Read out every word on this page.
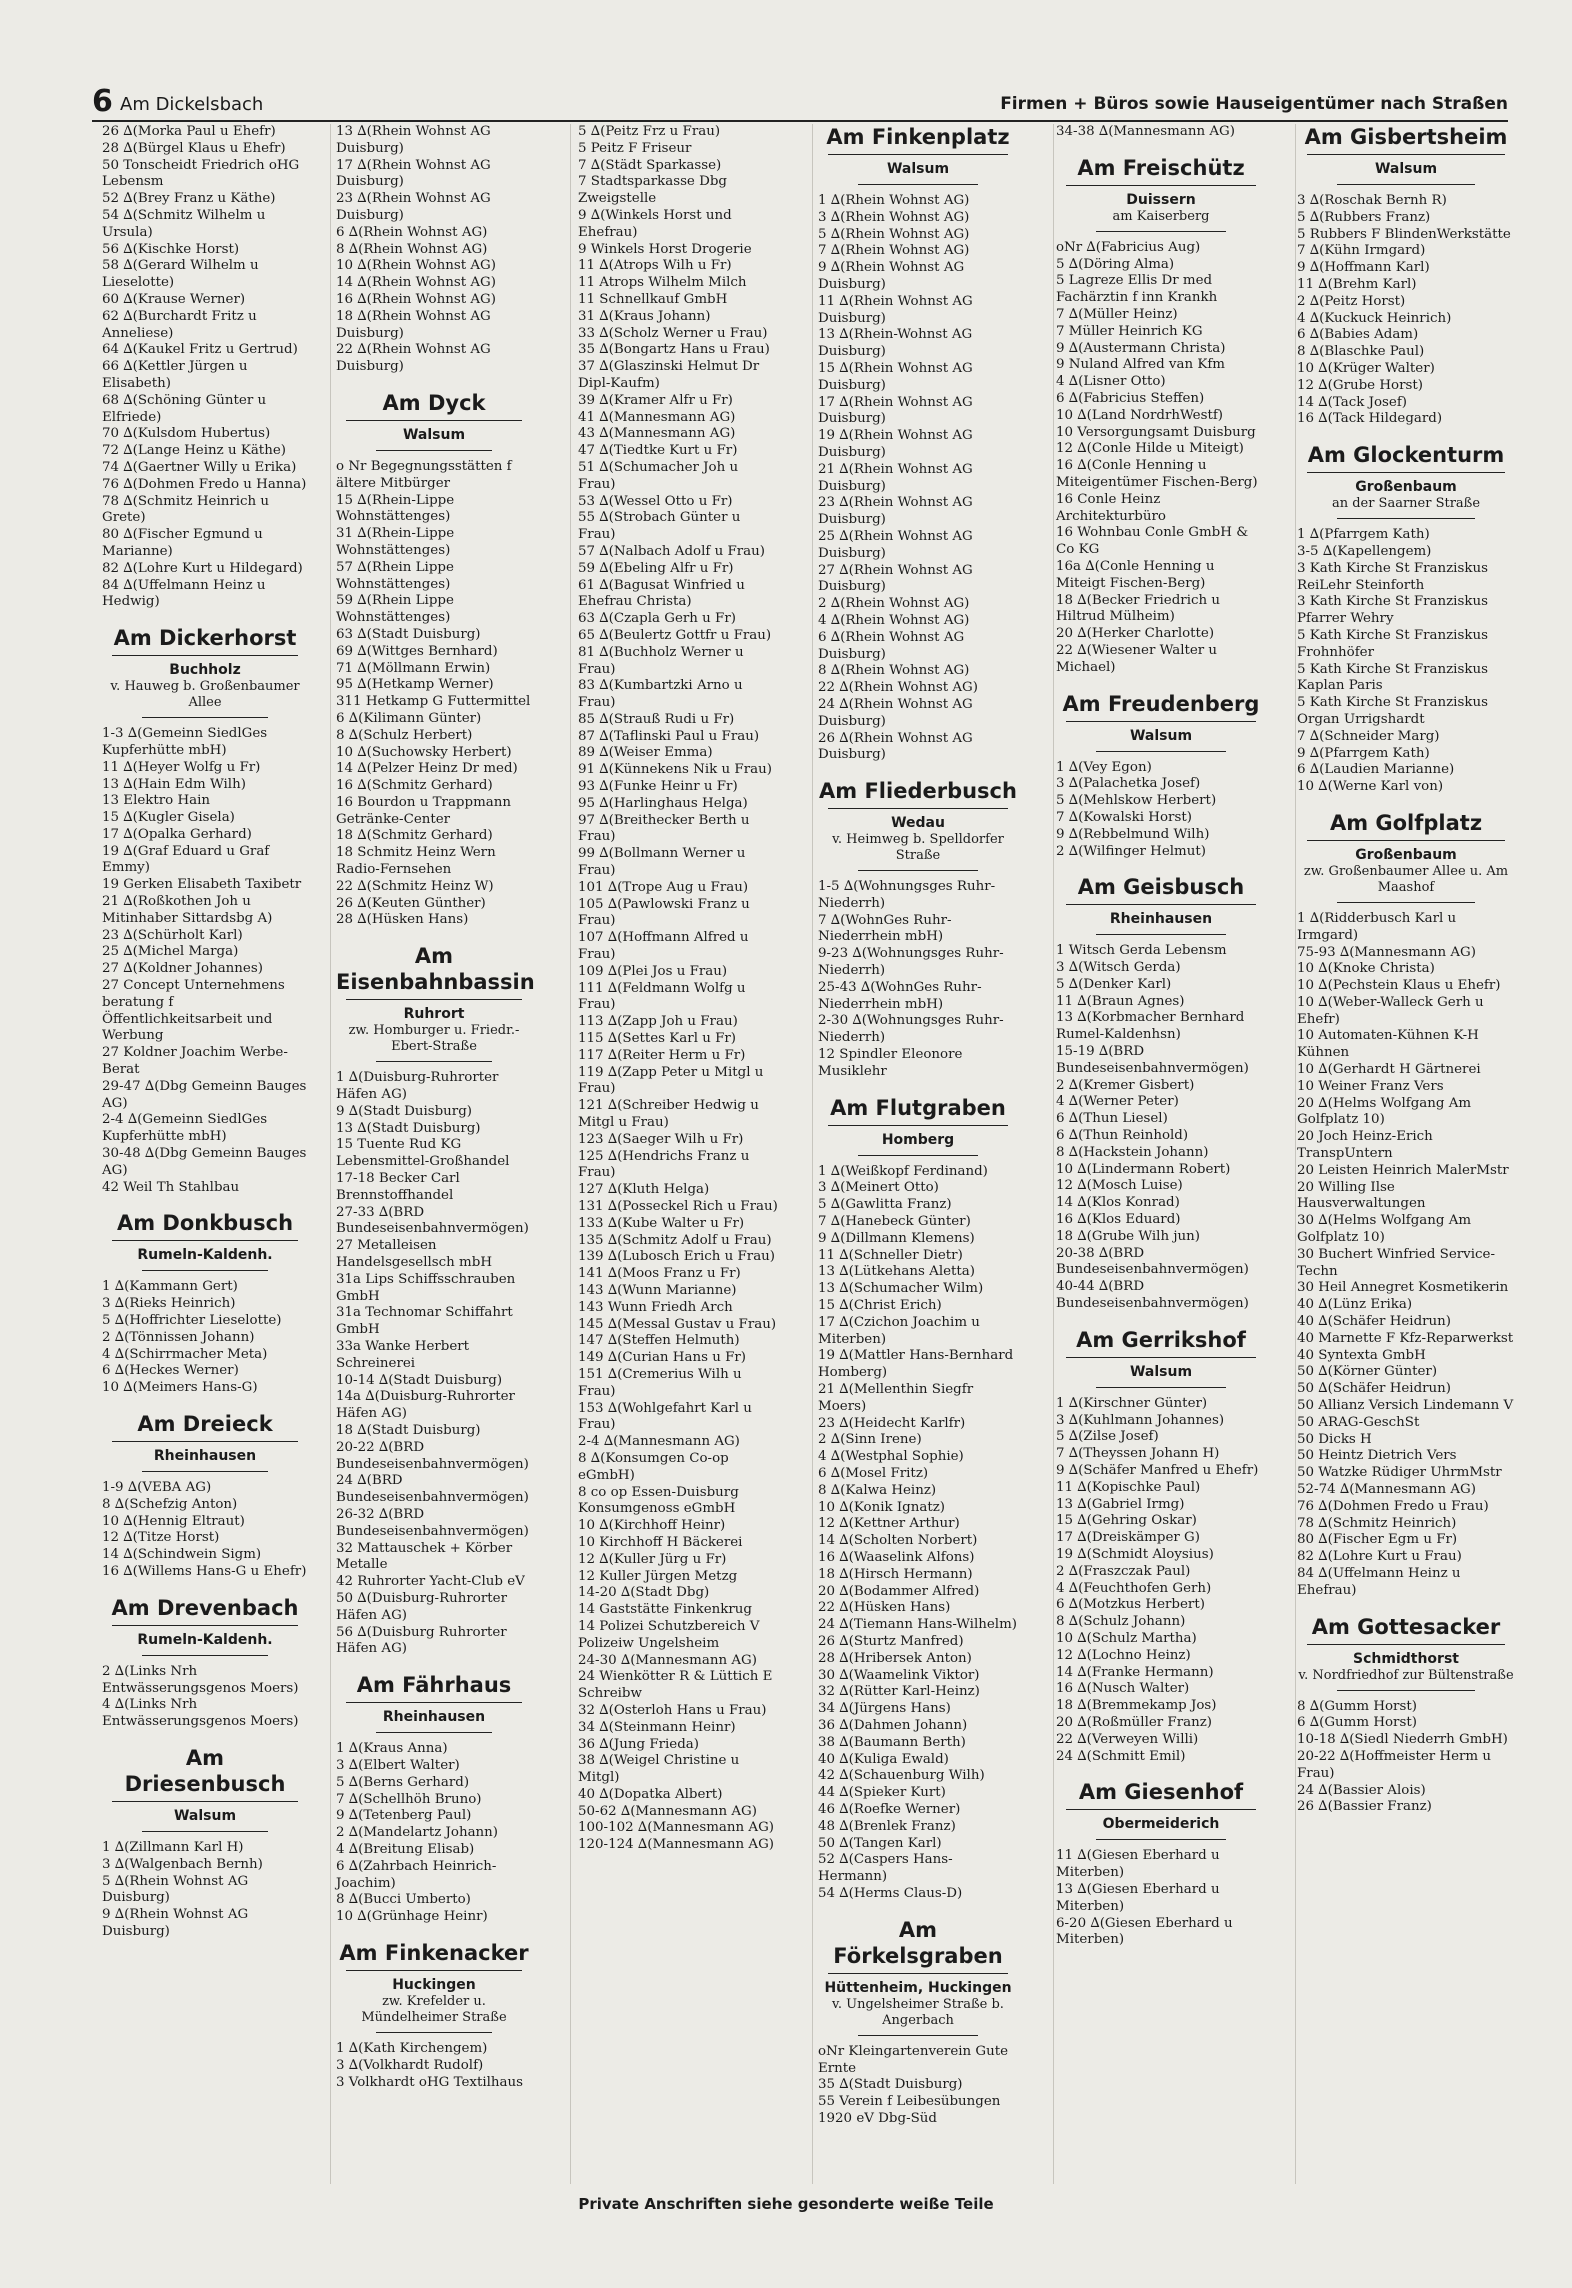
6 Am Dickelsbach	Firmen + Büros sowie Hauseigentümer nach Straßen
26 ∆(Morka Paul u Ehefr)
28 ∆(Bürgel Klaus u Ehefr)
50 Tonscheidt Friedrich oHG Lebensm
52 ∆(Brey Franz u Käthe)
54 ∆(Schmitz Wilhelm u Ursula)
56 ∆(Kischke Horst)
58 ∆(Gerard Wilhelm u Lieselotte)
60 ∆(Krause Werner)
62 ∆(Burchardt Fritz u Anneliese)
64 ∆(Kaukel Fritz u Gertrud)
66 ∆(Kettler Jürgen u Elisabeth)
68 ∆(Schöning Günter u Elfriede)
70 ∆(Kulsdom Hubertus)
72 ∆(Lange Heinz u Käthe)
74 ∆(Gaertner Willy u Erika)
76 ∆(Dohmen Fredo u Hanna)
78 ∆(Schmitz Heinrich u Grete)
80 ∆(Fischer Egmund u Marianne)
82 ∆(Lohre Kurt u Hildegard)
84 ∆(Uffelmann Heinz u Hedwig)
Am Dickerhorst
Buchholz
v. Hauweg b. Großenbaumer Allee
1-3 ∆(Gemeinn SiedlGes Kupferhütte mbH)
11 ∆(Heyer Wolfg u Fr)
13 ∆(Hain Edm Wilh)
13 Elektro Hain
15 ∆(Kugler Gisela)
17 ∆(Opalka Gerhard)
19 ∆(Graf Eduard u Graf Emmy)
19 Gerken Elisabeth Taxibetr
21 ∆(Roßkothen Joh u Mitinhaber Sittardsbg A)
23 ∆(Schürholt Karl)
25 ∆(Michel Marga)
27 ∆(Koldner Johannes)
27 Concept Unternehmens beratung f Öffentlichkeitsarbeit und Werbung
27 Koldner Joachim Werbe-Berat
29-47 ∆(Dbg Gemeinn Bauges AG)
2-4 ∆(Gemeinn SiedlGes Kupferhütte mbH)
30-48 ∆(Dbg Gemeinn Bauges AG)
42 Weil Th Stahlbau
Am Donkbusch
Rumeln-Kaldenh.
1 ∆(Kammann Gert)
3 ∆(Rieks Heinrich)
5 ∆(Hoffrichter Lieselotte)
2 ∆(Tönnissen Johann)
4 ∆(Schirrmacher Meta)
6 ∆(Heckes Werner)
10 ∆(Meimers Hans-G)
Am Dreieck
Rheinhausen
1-9 ∆(VEBA AG)
8 ∆(Schefzig Anton)
10 ∆(Hennig Eltraut)
12 ∆(Titze Horst)
14 ∆(Schindwein Sigm)
16 ∆(Willems Hans-G u Ehefr)
Am Drevenbach
Rumeln-Kaldenh.
2 ∆(Links Nrh Entwässerungsgenos Moers)
4 ∆(Links Nrh Entwässerungsgenos Moers)
Am Driesenbusch
Walsum
1 ∆(Zillmann Karl H)
3 ∆(Walgenbach Bernh)
5 ∆(Rhein Wohnst AG Duisburg)
9 ∆(Rhein Wohnst AG Duisburg)
13 ∆(Rhein Wohnst AG Duisburg)
17 ∆(Rhein Wohnst AG Duisburg)
23 ∆(Rhein Wohnst AG Duisburg)
6 ∆(Rhein Wohnst AG)
8 ∆(Rhein Wohnst AG)
10 ∆(Rhein Wohnst AG)
14 ∆(Rhein Wohnst AG)
16 ∆(Rhein Wohnst AG)
18 ∆(Rhein Wohnst AG Duisburg)
22 ∆(Rhein Wohnst AG Duisburg)
Am Dyck
Walsum
o Nr Begegnungsstätten f ältere Mitbürger
15 ∆(Rhein-Lippe Wohnstättenges)
31 ∆(Rhein-Lippe Wohnstättenges)
57 ∆(Rhein Lippe Wohnstättenges)
59 ∆(Rhein Lippe Wohnstättenges)
63 ∆(Stadt Duisburg)
69 ∆(Wittges Bernhard)
71 ∆(Möllmann Erwin)
95 ∆(Hetkamp Werner)
311 Hetkamp G Futtermittel
6 ∆(Kilimann Günter)
8 ∆(Schulz Herbert)
10 ∆(Suchowsky Herbert)
14 ∆(Pelzer Heinz Dr med)
16 ∆(Schmitz Gerhard)
16 Bourdon u Trappmann Getränke-Center
18 ∆(Schmitz Gerhard)
18 Schmitz Heinz Wern Radio-Fernsehen
22 ∆(Schmitz Heinz W)
26 ∆(Keuten Günther)
28 ∆(Hüsken Hans)
Am Eisenbahnbassin
Ruhrort
zw. Homburger u. Friedr.-Ebert-Straße
1 ∆(Duisburg-Ruhrorter Häfen AG)
9 ∆(Stadt Duisburg)
13 ∆(Stadt Duisburg)
15 Tuente Rud KG Lebensmittel-Großhandel
17-18 Becker Carl Brennstoffhandel
27-33 ∆(BRD Bundeseisenbahnvermögen)
27 Metalleisen Handelsgesellsch mbH
31a Lips Schiffsschrauben GmbH
31a Technomar Schiffahrt GmbH
33a Wanke Herbert Schreinerei
10-14 ∆(Stadt Duisburg)
14a ∆(Duisburg-Ruhrorter Häfen AG)
18 ∆(Stadt Duisburg)
20-22 ∆(BRD Bundeseisenbahnvermögen)
24 ∆(BRD Bundeseisenbahnvermögen)
26-32 ∆(BRD Bundeseisenbahnvermögen)
32 Mattauschek + Körber Metalle
42 Ruhrorter Yacht-Club eV
50 ∆(Duisburg-Ruhrorter Häfen AG)
56 ∆(Duisburg Ruhrorter Häfen AG)
Am Fährhaus
Rheinhausen
1 ∆(Kraus Anna)
3 ∆(Elbert Walter)
5 ∆(Berns Gerhard)
7 ∆(Schellhöh Bruno)
9 ∆(Tetenberg Paul)
2 ∆(Mandelartz Johann)
4 ∆(Breitung Elisab)
6 ∆(Zahrbach Heinrich-Joachim)
8 ∆(Bucci Umberto)
10 ∆(Grünhage Heinr)
Am Finkenacker
Huckingen
zw. Krefelder u. Mündelheimer Straße
1 ∆(Kath Kirchengem)
3 ∆(Volkhardt Rudolf)
3 Volkhardt oHG Textilhaus
5 ∆(Peitz Frz u Frau)
5 Peitz F Friseur
7 ∆(Städt Sparkasse)
7 Stadtsparkasse Dbg Zweigstelle
9 ∆(Winkels Horst und Ehefrau)
9 Winkels Horst Drogerie
11 ∆(Atrops Wilh u Fr)
11 Atrops Wilhelm Milch
11 Schnellkauf GmbH
31 ∆(Kraus Johann)
33 ∆(Scholz Werner u Frau)
35 ∆(Bongartz Hans u Frau)
37 ∆(Glaszinski Helmut Dr Dipl-Kaufm)
39 ∆(Kramer Alfr u Fr)
41 ∆(Mannesmann AG)
43 ∆(Mannesmann AG)
47 ∆(Tiedtke Kurt u Fr)
51 ∆(Schumacher Joh u Frau)
53 ∆(Wessel Otto u Fr)
55 ∆(Strobach Günter u Frau)
57 ∆(Nalbach Adolf u Frau)
59 ∆(Ebeling Alfr u Fr)
61 ∆(Bagusat Winfried u Ehefrau Christa)
63 ∆(Czapla Gerh u Fr)
65 ∆(Beulertz Gottfr u Frau)
81 ∆(Buchholz Werner u Frau)
83 ∆(Kumbartzki Arno u Frau)
85 ∆(Strauß Rudi u Fr)
87 ∆(Taflinski Paul u Frau)
89 ∆(Weiser Emma)
91 ∆(Künnekens Nik u Frau)
93 ∆(Funke Heinr u Fr)
95 ∆(Harlinghaus Helga)
97 ∆(Breithecker Berth u Frau)
99 ∆(Bollmann Werner u Frau)
101 ∆(Trope Aug u Frau)
105 ∆(Pawlowski Franz u Frau)
107 ∆(Hoffmann Alfred u Frau)
109 ∆(Plei Jos u Frau)
111 ∆(Feldmann Wolfg u Frau)
113 ∆(Zapp Joh u Frau)
115 ∆(Settes Karl u Fr)
117 ∆(Reiter Herm u Fr)
119 ∆(Zapp Peter u Mitgl u Frau)
121 ∆(Schreiber Hedwig u Mitgl u Frau)
123 ∆(Saeger Wilh u Fr)
125 ∆(Hendrichs Franz u Frau)
127 ∆(Kluth Helga)
131 ∆(Posseckel Rich u Frau)
133 ∆(Kube Walter u Fr)
135 ∆(Schmitz Adolf u Frau)
139 ∆(Lubosch Erich u Frau)
141 ∆(Moos Franz u Fr)
143 ∆(Wunn Marianne)
143 Wunn Friedh Arch
145 ∆(Messal Gustav u Frau)
147 ∆(Steffen Helmuth)
149 ∆(Curian Hans u Fr)
151 ∆(Cremerius Wilh u Frau)
153 ∆(Wohlgefahrt Karl u Frau)
2-4 ∆(Mannesmann AG)
8 ∆(Konsumgen Co-op eGmbH)
8 co op Essen-Duisburg Konsumgenoss eGmbH
10 ∆(Kirchhoff Heinr)
10 Kirchhoff H Bäckerei
12 ∆(Kuller Jürg u Fr)
12 Kuller Jürgen Metzg
14-20 ∆(Stadt Dbg)
14 Gaststätte Finkenkrug
14 Polizei Schutzbereich V Polizeiw Ungelsheim
24-30 ∆(Mannesmann AG)
24 Wienkötter R & Lüttich E Schreibw
32 ∆(Osterloh Hans u Frau)
34 ∆(Steinmann Heinr)
36 ∆(Jung Frieda)
38 ∆(Weigel Christine u Mitgl)
40 ∆(Dopatka Albert)
50-62 ∆(Mannesmann AG)
100-102 ∆(Mannesmann AG)
120-124 ∆(Mannesmann AG)
Am Finkenplatz
Walsum
1 ∆(Rhein Wohnst AG)
3 ∆(Rhein Wohnst AG)
5 ∆(Rhein Wohnst AG)
7 ∆(Rhein Wohnst AG)
9 ∆(Rhein Wohnst AG Duisburg)
11 ∆(Rhein Wohnst AG Duisburg)
13 ∆(Rhein-Wohnst AG Duisburg)
15 ∆(Rhein Wohnst AG Duisburg)
17 ∆(Rhein Wohnst AG Duisburg)
19 ∆(Rhein Wohnst AG Duisburg)
21 ∆(Rhein Wohnst AG Duisburg)
23 ∆(Rhein Wohnst AG Duisburg)
25 ∆(Rhein Wohnst AG Duisburg)
27 ∆(Rhein Wohnst AG Duisburg)
2 ∆(Rhein Wohnst AG)
4 ∆(Rhein Wohnst AG)
6 ∆(Rhein Wohnst AG Duisburg)
8 ∆(Rhein Wohnst AG)
22 ∆(Rhein Wohnst AG)
24 ∆(Rhein Wohnst AG Duisburg)
26 ∆(Rhein Wohnst AG Duisburg)
Am Fliederbusch
Wedau
v. Heimweg b. Spelldorfer Straße
1-5 ∆(Wohnungsges Ruhr-Niederrh)
7 ∆(WohnGes Ruhr-Niederrhein mbH)
9-23 ∆(Wohnungsges Ruhr-Niederrh)
25-43 ∆(WohnGes Ruhr-Niederrhein mbH)
2-30 ∆(Wohnungsges Ruhr-Niederrh)
12 Spindler Eleonore Musiklehr
Am Flutgraben
Homberg
1 ∆(Weißkopf Ferdinand)
3 ∆(Meinert Otto)
5 ∆(Gawlitta Franz)
7 ∆(Hanebeck Günter)
9 ∆(Dillmann Klemens)
11 ∆(Schneller Dietr)
13 ∆(Lütkehans Aletta)
13 ∆(Schumacher Wilm)
15 ∆(Christ Erich)
17 ∆(Czichon Joachim u Miterben)
19 ∆(Mattler Hans-Bernhard Homberg)
21 ∆(Mellenthin Siegfr Moers)
23 ∆(Heidecht Karlfr)
2 ∆(Sinn Irene)
4 ∆(Westphal Sophie)
6 ∆(Mosel Fritz)
8 ∆(Kalwa Heinz)
10 ∆(Konik Ignatz)
12 ∆(Kettner Arthur)
14 ∆(Scholten Norbert)
16 ∆(Waaselink Alfons)
18 ∆(Hirsch Hermann)
20 ∆(Bodammer Alfred)
22 ∆(Hüsken Hans)
24 ∆(Tiemann Hans-Wilhelm)
26 ∆(Sturtz Manfred)
28 ∆(Hribersek Anton)
30 ∆(Waamelink Viktor)
32 ∆(Rütter Karl-Heinz)
34 ∆(Jürgens Hans)
36 ∆(Dahmen Johann)
38 ∆(Baumann Berth)
40 ∆(Kuliga Ewald)
42 ∆(Schauenburg Wilh)
44 ∆(Spieker Kurt)
46 ∆(Roefke Werner)
48 ∆(Brenlek Franz)
50 ∆(Tangen Karl)
52 ∆(Caspers Hans-Hermann)
54 ∆(Herms Claus-D)
Am Förkelsgraben
Hüttenheim, Huckingen
v. Ungelsheimer Straße b. Angerbach
oNr Kleingartenverein Gute Ernte
35 ∆(Stadt Duisburg)
55 Verein f Leibesübungen 1920 eV Dbg-Süd
34-38 ∆(Mannesmann AG)
Am Freischütz
Duissern
am Kaiserberg
oNr ∆(Fabricius Aug)
5 ∆(Döring Alma)
5 Lagreze Ellis Dr med Fachärztin f inn Krankh
7 ∆(Müller Heinz)
7 Müller Heinrich KG
9 ∆(Austermann Christa)
9 Nuland Alfred van Kfm
4 ∆(Lisner Otto)
6 ∆(Fabricius Steffen)
10 ∆(Land NordrhWestf)
10 Versorgungsamt Duisburg
12 ∆(Conle Hilde u Miteigt)
16 ∆(Conle Henning u Miteigentümer Fischen-Berg)
16 Conle Heinz Architekturbüro
16 Wohnbau Conle GmbH & Co KG
16a ∆(Conle Henning u Miteigt Fischen-Berg)
18 ∆(Becker Friedrich u Hiltrud Mülheim)
20 ∆(Herker Charlotte)
22 ∆(Wiesener Walter u Michael)
Am Freudenberg
Walsum
1 ∆(Vey Egon)
3 ∆(Palachetka Josef)
5 ∆(Mehlskow Herbert)
7 ∆(Kowalski Horst)
9 ∆(Rebbelmund Wilh)
2 ∆(Wilfinger Helmut)
Am Geisbusch
Rheinhausen
1 Witsch Gerda Lebensm
3 ∆(Witsch Gerda)
5 ∆(Denker Karl)
11 ∆(Braun Agnes)
13 ∆(Korbmacher Bernhard Rumel-Kaldenhsn)
15-19 ∆(BRD Bundeseisenbahnvermögen)
2 ∆(Kremer Gisbert)
4 ∆(Werner Peter)
6 ∆(Thun Liesel)
6 ∆(Thun Reinhold)
8 ∆(Hackstein Johann)
10 ∆(Lindermann Robert)
12 ∆(Mosch Luise)
14 ∆(Klos Konrad)
16 ∆(Klos Eduard)
18 ∆(Grube Wilh jun)
20-38 ∆(BRD Bundeseisenbahnvermögen)
40-44 ∆(BRD Bundeseisenbahnvermögen)
Am Gerrikshof
Walsum
1 ∆(Kirschner Günter)
3 ∆(Kuhlmann Johannes)
5 ∆(Zilse Josef)
7 ∆(Theyssen Johann H)
9 ∆(Schäfer Manfred u Ehefr)
11 ∆(Kopischke Paul)
13 ∆(Gabriel Irmg)
15 ∆(Gehring Oskar)
17 ∆(Dreiskämper G)
19 ∆(Schmidt Aloysius)
2 ∆(Fraszczak Paul)
4 ∆(Feuchthofen Gerh)
6 ∆(Motzkus Herbert)
8 ∆(Schulz Johann)
10 ∆(Schulz Martha)
12 ∆(Lochno Heinz)
14 ∆(Franke Hermann)
16 ∆(Nusch Walter)
18 ∆(Bremmekamp Jos)
20 ∆(Roßmüller Franz)
22 ∆(Verweyen Willi)
24 ∆(Schmitt Emil)
Am Giesenhof
Obermeiderich
11 ∆(Giesen Eberhard u Miterben)
13 ∆(Giesen Eberhard u Miterben)
6-20 ∆(Giesen Eberhard u Miterben)
Am Gisbertsheim
Walsum
3 ∆(Roschak Bernh R)
5 ∆(Rubbers Franz)
5 Rubbers F BlindenWerkstätte
7 ∆(Kühn Irmgard)
9 ∆(Hoffmann Karl)
11 ∆(Brehm Karl)
2 ∆(Peitz Horst)
4 ∆(Kuckuck Heinrich)
6 ∆(Babies Adam)
8 ∆(Blaschke Paul)
10 ∆(Krüger Walter)
12 ∆(Grube Horst)
14 ∆(Tack Josef)
16 ∆(Tack Hildegard)
Am Glockenturm
Großenbaum
an der Saarner Straße
1 ∆(Pfarrgem Kath)
3-5 ∆(Kapellengem)
3 Kath Kirche St Franziskus ReiLehr Steinforth
3 Kath Kirche St Franziskus Pfarrer Wehry
5 Kath Kirche St Franziskus Frohnhöfer
5 Kath Kirche St Franziskus Kaplan Paris
5 Kath Kirche St Franziskus Organ Urrigshardt
7 ∆(Schneider Marg)
9 ∆(Pfarrgem Kath)
6 ∆(Laudien Marianne)
10 ∆(Werne Karl von)
Am Golfplatz
Großenbaum
zw. Großenbaumer Allee u. Am Maashof
1 ∆(Ridderbusch Karl u Irmgard)
75-93 ∆(Mannesmann AG)
10 ∆(Knoke Christa)
10 ∆(Pechstein Klaus u Ehefr)
10 ∆(Weber-Walleck Gerh u Ehefr)
10 Automaten-Kühnen K-H Kühnen
10 ∆(Gerhardt H Gärtnerei
10 Weiner Franz Vers
20 ∆(Helms Wolfgang Am Golfplatz 10)
20 Joch Heinz-Erich TranspUntern
20 Leisten Heinrich MalerMstr
20 Willing Ilse Hausverwaltungen
30 ∆(Helms Wolfgang Am Golfplatz 10)
30 Buchert Winfried Service-Techn
30 Heil Annegret Kosmetikerin
40 ∆(Lünz Erika)
40 ∆(Schäfer Heidrun)
40 Marnette F Kfz-Reparwerkst
40 Syntexta GmbH
50 ∆(Körner Günter)
50 ∆(Schäfer Heidrun)
50 Allianz Versich Lindemann V
50 ARAG-GeschSt
50 Dicks H
50 Heintz Dietrich Vers
50 Watzke Rüdiger UhrmMstr
52-74 ∆(Mannesmann AG)
76 ∆(Dohmen Fredo u Frau)
78 ∆(Schmitz Heinrich)
80 ∆(Fischer Egm u Fr)
82 ∆(Lohre Kurt u Frau)
84 ∆(Uffelmann Heinz u Ehefrau)
Am Gottesacker
Schmidthorst
v. Nordfriedhof zur Bültenstraße
8 ∆(Gumm Horst)
6 ∆(Gumm Horst)
10-18 ∆(Siedl Niederrh GmbH)
20-22 ∆(Hoffmeister Herm u Frau)
24 ∆(Bassier Alois)
26 ∆(Bassier Franz)
Private Anschriften siehe gesonderte weiße Teile
